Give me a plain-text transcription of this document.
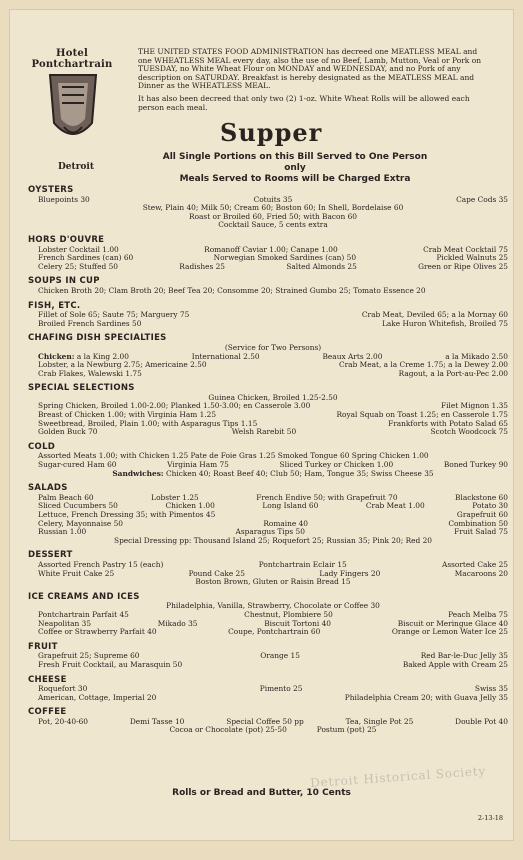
Hotel Pontchartrain
Detroit

THE UNITED STATES FOOD ADMINISTRATION has decreed one MEATLESS MEAL and one WHEATLESS MEAL every day, also the use of no Beef, Lamb, Mutton, Veal or Pork on TUESDAY, no White Wheat Flour on MONDAY and WEDNESDAY, and no Pork of any description on SATURDAY. Breakfast is hereby designated as the MEATLESS MEAL and Dinner as the WHEATLESS MEAL.

It has also been decreed that only two (2) 1-oz. White Wheat Rolls will be allowed each person each meal.

Supper
All Single Portions on this Bill Served to One Person only
Meals Served to Rooms will be Charged Extra
OYSTERS
Bluepoints 30	Cotuits 35	Cape Cods 35
Stew, Plain 40; Milk 50; Cream 60; Boston 60; In Shell, Bordelaise 60
Roast or Broiled 60, Fried 50; with Bacon 60
Cocktail Sauce, 5 cents extra
HORS D'OUVRE
Lobster Cocktail 1.00	Romanoff Caviar 1.00; Canape 1.00	Crab Meat Cocktail 75
French Sardines (can) 60	Norwegian Smoked Sardines (can) 50	Pickled Walnuts 25
Celery 25; Stuffed 50	Radishes 25	Salted Almonds 25	Green or Ripe Olives 25
SOUPS IN CUP
Chicken Broth 20; Clam Broth 20; Beef Tea 20; Consomme 20; Strained Gumbo 25; Tomato Essence 20
FISH, ETC.
Fillet of Sole 65; Saute 75; Marguery 75	Crab Meat, Deviled 65; a la Mornay 60
Broiled French Sardines 50	Lake Huron Whitefish, Broiled 75
CHAFING DISH SPECIALTIES
(Service for Two Persons)
Chicken: a la King 2.00	International 2.50	Beaux Arts 2.00	a la Mikado 2.50
Lobster, a la Newburg 2.75; Americaine 2.50	Crab Meat, a la Creme 1.75; a la Dewey 2.00
Crab Flakes, Walewski 1.75	Ragout, a la Port-au-Pec 2.00
SPECIAL SELECTIONS
Guinea Chicken, Broiled 1.25-2.50
Spring Chicken, Broiled 1.00-2.00; Planked 1.50-3.00; en Casserole 3.00	Filet Mignon 1.35
Breast of Chicken 1.00; with Virginia Ham 1.25	Royal Squab on Toast 1.25; en Casserole 1.75
Sweetbread, Broiled, Plain 1.00; with Asparagus Tips 1.15	Frankforts with Potato Salad 65
Golden Buck 70	Welsh Rarebit 50	Scotch Woodcock 75
COLD
Assorted Meats 1.00; with Chicken 1.25 Pate de Foie Gras 1.25 Smoked Tongue 60 Spring Chicken 1.00
Sugar-cured Ham 60	Virginia Ham 75	Sliced Turkey or Chicken 1.00	Boned Turkey 90
Sandwiches: Chicken 40; Roast Beef 40; Club 50; Ham, Tongue 35; Swiss Cheese 35
SALADS
Palm Beach 60	Lobster 1.25	French Endive 50; with Grapefruit 70	Blackstone 60
Sliced Cucumbers 50	Chicken 1.00	Long Island 60	Crab Meat 1.00	Potato 30
Lettuce, French Dressing 35; with Pimentos 45	Grapefruit 60
Celery, Mayonnaise 50	Romaine 40	Combination 50
Russian 1.00	Asparagus Tips 50	Fruit Salad 75
Special Dressing pp: Thousand Island 25; Roquefort 25; Russian 35; Pink 20; Red 20
DESSERT
Assorted French Pastry 15 (each)	Pontchartrain Eclair 15	Assorted Cake 25
White Fruit Cake 25	Pound Cake 25	Lady Fingers 20	Macaroons 20
Boston Brown, Gluten or Raisin Bread 15
ICE CREAMS AND ICES
Philadelphia, Vanilla, Strawberry, Chocolate or Coffee 30
Pontchartrain Parfait 45	Chestnut, Plombiere 50	Peach Melba 75
Neapolitan 35	Mikado 35	Biscuit Tortoni 40	Biscuit or Meringue Glace 40
Coffee or Strawberry Parfait 40	Coupe, Pontchartrain 60	Orange or Lemon Water Ice 25
FRUIT
Grapefruit 25; Supreme 60	Orange 15	Red Bar-le-Duc Jelly 35
Fresh Fruit Cocktail, au Marasquin 50	Baked Apple with Cream 25
CHEESE
Roquefort 30	Pimento 25	Swiss 35
American, Cottage, Imperial 20	Philadelphia Cream 20; with Guava Jelly 35
COFFEE
Pot, 20-40-60	Demi Tasse 10	Special Coffee 50 pp	Tea, Single Pot 25	Double Pot 40
Cocoa or Chocolate (pot) 25-50	Postum (pot) 25
Detroit Historical Society
Rolls or Bread and Butter, 10 Cents
2-13-18
